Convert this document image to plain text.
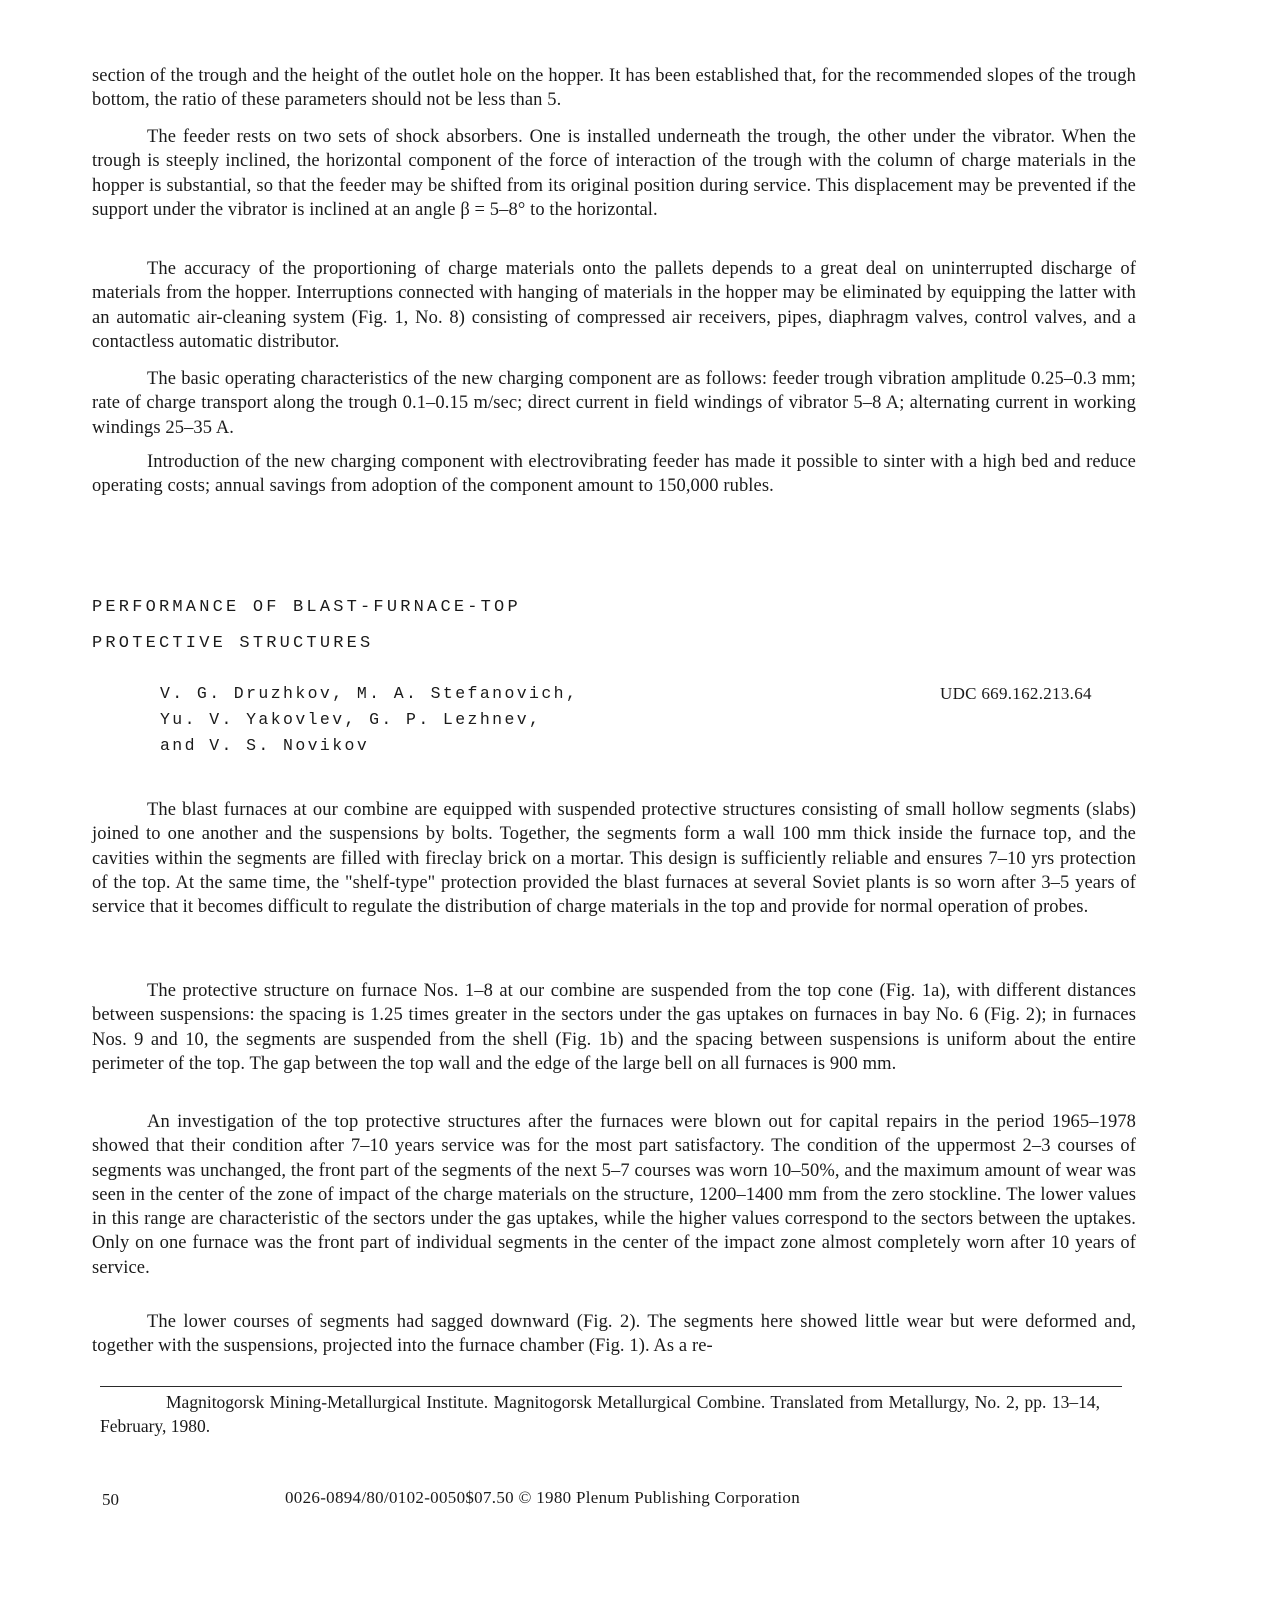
section of the trough and the height of the outlet hole on the hopper. It has been established that, for the recommended slopes of the trough bottom, the ratio of these parameters should not be less than 5.

The feeder rests on two sets of shock absorbers. One is installed underneath the trough, the other under the vibrator. When the trough is steeply inclined, the horizontal component of the force of interaction of the trough with the column of charge materials in the hopper is substantial, so that the feeder may be shifted from its original position during service. This displacement may be prevented if the support under the vibrator is inclined at an angle β = 5–8° to the horizontal.

The accuracy of the proportioning of charge materials onto the pallets depends to a great deal on uninterrupted discharge of materials from the hopper. Interruptions connected with hanging of materials in the hopper may be eliminated by equipping the latter with an automatic air-cleaning system (Fig. 1, No. 8) consisting of compressed air receivers, pipes, diaphragm valves, control valves, and a contactless automatic distributor.

The basic operating characteristics of the new charging component are as follows: feeder trough vibration amplitude 0.25–0.3 mm; rate of charge transport along the trough 0.1–0.15 m/sec; direct current in field windings of vibrator 5–8 A; alternating current in working windings 25–35 A.

Introduction of the new charging component with electrovibrating feeder has made it possible to sinter with a high bed and reduce operating costs; annual savings from adoption of the component amount to 150,000 rubles.

PERFORMANCE OF BLAST-FURNACE-TOP
PROTECTIVE STRUCTURES
V. G. Druzhkov, M. A. Stefanovich,
Yu. V. Yakovlev, G. P. Lezhnev,
and V. S. Novikov
UDC 669.162.213.64

The blast furnaces at our combine are equipped with suspended protective structures consisting of small hollow segments (slabs) joined to one another and the suspensions by bolts. Together, the segments form a wall 100 mm thick inside the furnace top, and the cavities within the segments are filled with fireclay brick on a mortar. This design is sufficiently reliable and ensures 7–10 yrs protection of the top. At the same time, the "shelf-type" protection provided the blast furnaces at several Soviet plants is so worn after 3–5 years of service that it becomes difficult to regulate the distribution of charge materials in the top and provide for normal operation of probes.

The protective structure on furnace Nos. 1–8 at our combine are suspended from the top cone (Fig. 1a), with different distances between suspensions: the spacing is 1.25 times greater in the sectors under the gas uptakes on furnaces in bay No. 6 (Fig. 2); in furnaces Nos. 9 and 10, the segments are suspended from the shell (Fig. 1b) and the spacing between suspensions is uniform about the entire perimeter of the top. The gap between the top wall and the edge of the large bell on all furnaces is 900 mm.

An investigation of the top protective structures after the furnaces were blown out for capital repairs in the period 1965–1978 showed that their condition after 7–10 years service was for the most part satisfactory. The condition of the uppermost 2–3 courses of segments was unchanged, the front part of the segments of the next 5–7 courses was worn 10–50%, and the maximum amount of wear was seen in the center of the zone of impact of the charge materials on the structure, 1200–1400 mm from the zero stockline. The lower values in this range are characteristic of the sectors under the gas uptakes, while the higher values correspond to the sectors between the uptakes. Only on one furnace was the front part of individual segments in the center of the impact zone almost completely worn after 10 years of service.

The lower courses of segments had sagged downward (Fig. 2). The segments here showed little wear but were deformed and, together with the suspensions, projected into the furnace chamber (Fig. 1). As a re-

Magnitogorsk Mining-Metallurgical Institute. Magnitogorsk Metallurgical Combine. Translated from Metallurgy, No. 2, pp. 13–14, February, 1980.

50	0026-0894/80/0102-0050$07.50 © 1980 Plenum Publishing Corporation
